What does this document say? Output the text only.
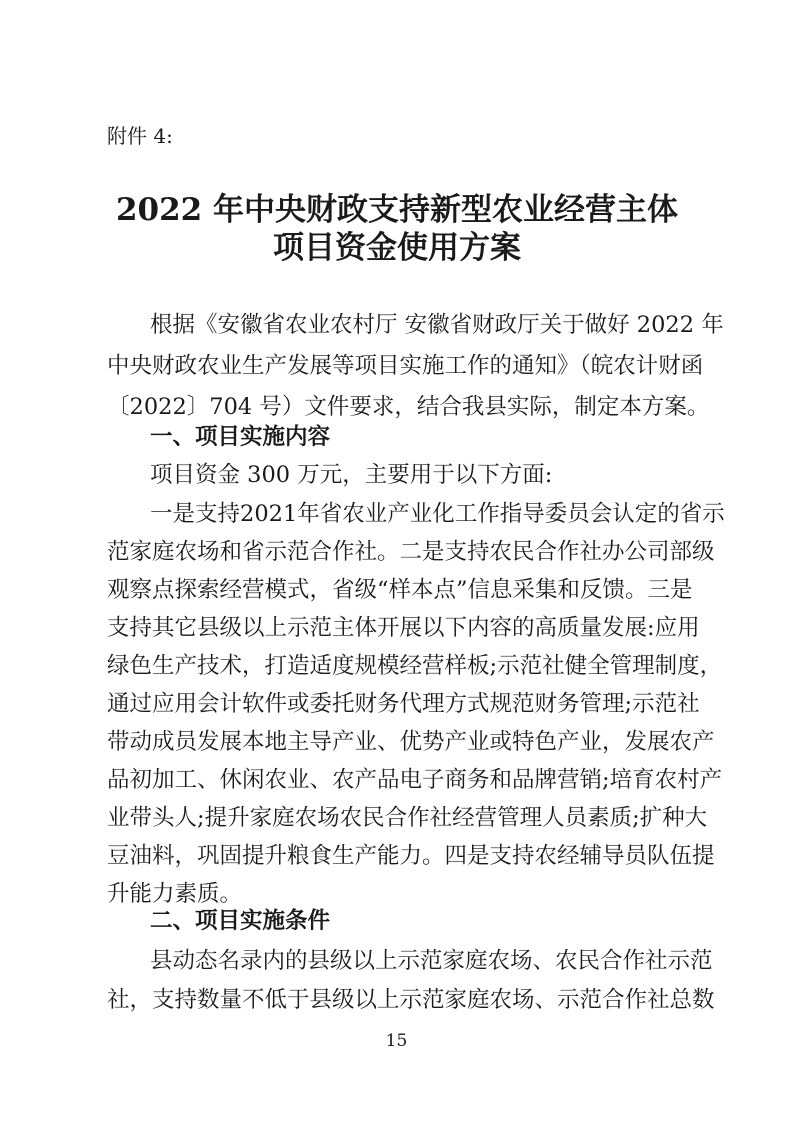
附件 4:
2022 年中央财政支持新型农业经营主体
项目资金使用方案
根据《安徽省农业农村厅 安徽省财政厅关于做好 2022 年
中央财政农业生产发展等项目实施工作的通知》（皖农计财函
〔2022〕704 号）文件要求，结合我县实际，制定本方案。
一、项目实施内容
项目资金 300 万元，主要用于以下方面:
一是支持2021年省农业产业化工作指导委员会认定的省示
范家庭农场和省示范合作社。二是支持农民合作社办公司部级
观察点探索经营模式，省级“样本点”信息采集和反馈。三是
支持其它县级以上示范主体开展以下内容的高质量发展:应用
绿色生产技术，打造适度规模经营样板;示范社健全管理制度，
通过应用会计软件或委托财务代理方式规范财务管理;示范社
带动成员发展本地主导产业、优势产业或特色产业，发展农产
品初加工、休闲农业、农产品电子商务和品牌营销;培育农村产
业带头人;提升家庭农场农民合作社经营管理人员素质;扩种大
豆油料，巩固提升粮食生产能力。四是支持农经辅导员队伍提
升能力素质。
二、项目实施条件
县动态名录内的县级以上示范家庭农场、农民合作社示范
社，支持数量不低于县级以上示范家庭农场、示范合作社总数
15
